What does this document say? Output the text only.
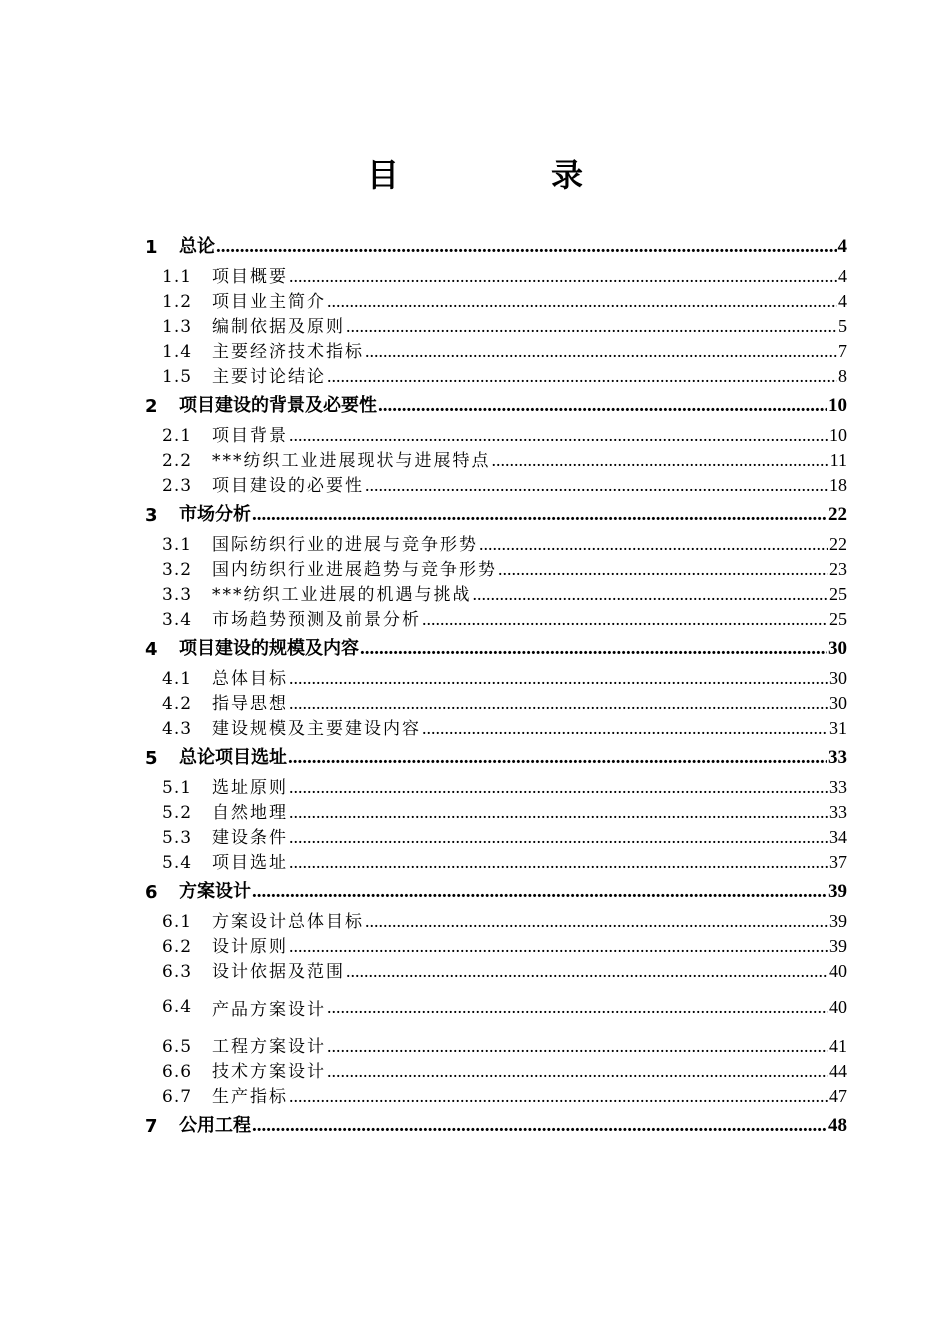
目　录
1	总论 .....	4
1.1	项目概要 .....	4
1.2	项目业主简介 .....	4
1.3	编制依据及原则 .....	5
1.4	主要经济技术指标 .....	7
1.5	主要讨论结论 .....	8
2	项目建设的背景及必要性 .....	10
2.1	项目背景 .....	10
2.2	***纺织工业进展现状与进展特点 .....	11
2.3	项目建设的必要性 .....	18
3	市场分析 .....	22
3.1	国际纺织行业的进展与竞争形势 .....	22
3.2	国内纺织行业进展趋势与竞争形势 .....	23
3.3	***纺织工业进展的机遇与挑战 .....	25
3.4	市场趋势预测及前景分析 .....	25
4	项目建设的规模及内容 .....	30
4.1	总体目标 .....	30
4.2	指导思想 .....	30
4.3	建设规模及主要建设内容 .....	31
5	总论项目选址 .....	33
5.1	选址原则 .....	33
5.2	自然地理 .....	33
5.3	建设条件 .....	34
5.4	项目选址 .....	37
6	方案设计 .....	39
6.1	方案设计总体目标 .....	39
6.2	设计原则 .....	39
6.3	设计依据及范围 .....	40
6.4	产品方案设计 .....	40
6.5	工程方案设计 .....	41
6.6	技术方案设计 .....	44
6.7	生产指标 .....	47
7	公用工程 .....	48
